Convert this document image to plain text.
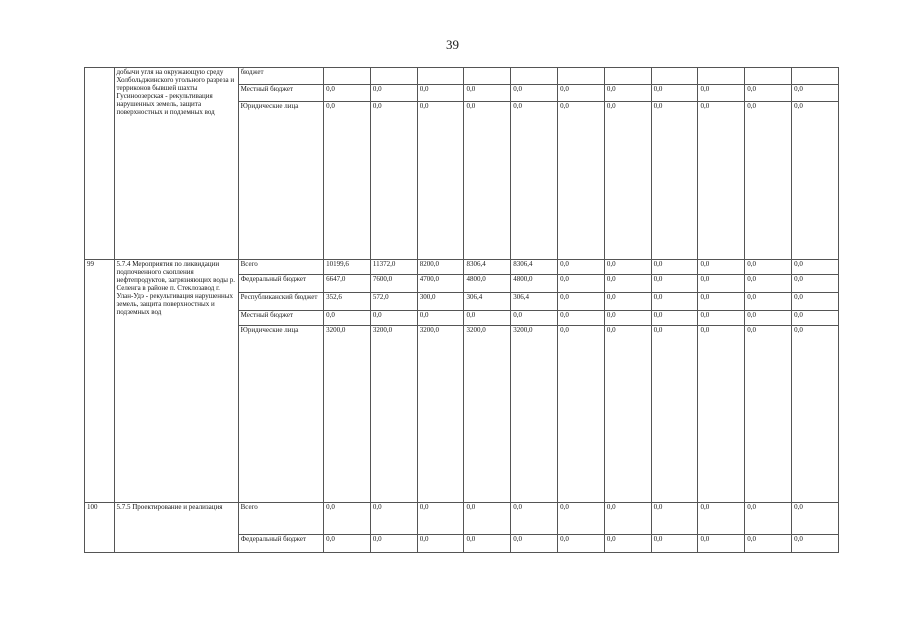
39
	добычи угля на окружающую среду Холбольджинского угольного разреза и терриконов бывшей шахты Гусиноозерская - рекультивация нарушенных земель, защита поверхностных и подземных вод	бюджет											
		Местный бюджет	0,0	0,0	0,0	0,0	0,0	0,0	0,0	0,0	0,0	0,0	0,0
		Юридические лица	0,0	0,0	0,0	0,0	0,0	0,0	0,0	0,0	0,0	0,0	0,0
99	5.7.4 Мероприятия по ликвидации подпочвенного скопления нефтепродуктов, загрязняющих воды р. Селенга в районе п. Стеклозавод г. Улан-Удэ - рекультивация нарушенных земель, защита поверхностных и подземных вод	Всего	10199,6	11372,0	8200,0	8306,4	8306,4	0,0	0,0	0,0	0,0	0,0	0,0
		Федеральный бюджет	6647,0	7600,0	4700,0	4800,0	4800,0	0,0	0,0	0,0	0,0	0,0	0,0
		Республиканский бюджет	352,6	572,0	300,0	306,4	306,4	0,0	0,0	0,0	0,0	0,0	0,0
		Местный бюджет	0,0	0,0	0,0	0,0	0,0	0,0	0,0	0,0	0,0	0,0	0,0
		Юридические лица	3200,0	3200,0	3200,0	3200,0	3200,0	0,0	0,0	0,0	0,0	0,0	0,0
100	5.7.5 Проектирование и реализация	Всего	0,0	0,0	0,0	0,0	0,0	0,0	0,0	0,0	0,0	0,0	0,0
		Федеральный бюджет	0,0	0,0	0,0	0,0	0,0	0,0	0,0	0,0	0,0	0,0	0,0
